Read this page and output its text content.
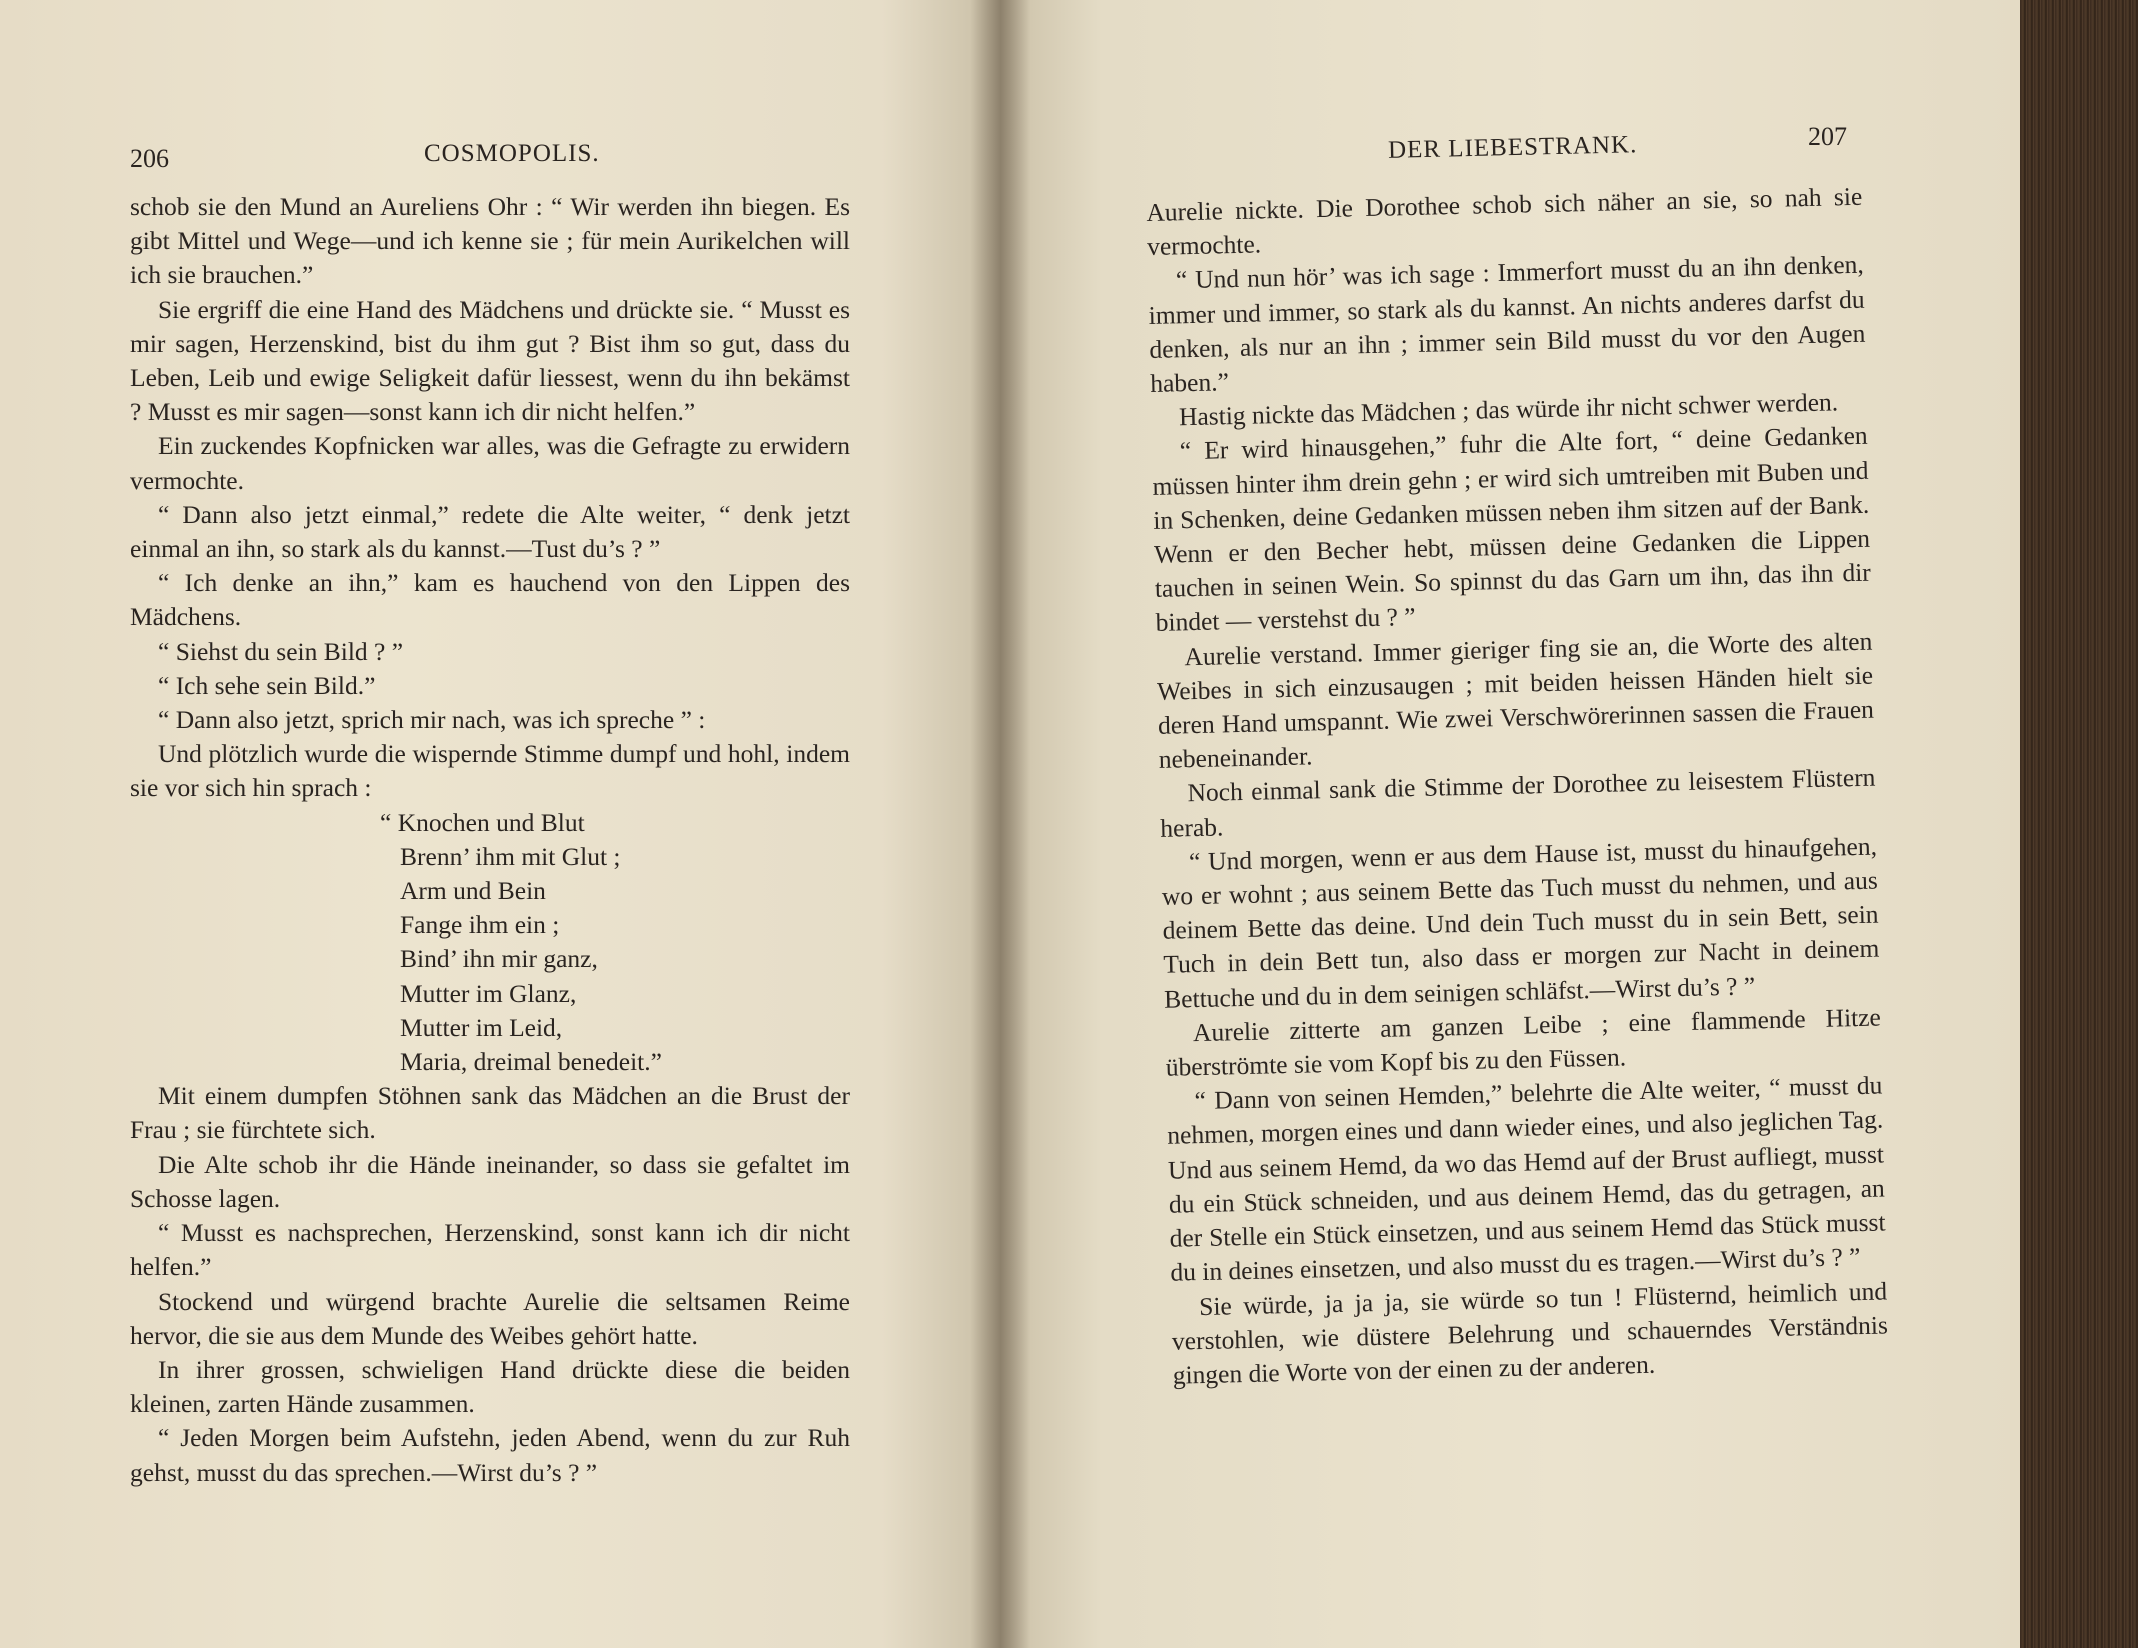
206	COSMOPOLIS.

schob sie den Mund an Aureliens Ohr : “ Wir werden ihn biegen. Es gibt Mittel und Wege—und ich kenne sie ; für mein Aurikelchen will ich sie brauchen.”

Sie ergriff die eine Hand des Mädchens und drückte sie. “ Musst es mir sagen, Herzenskind, bist du ihm gut ? Bist ihm so gut, dass du Leben, Leib und ewige Seligkeit dafür liessest, wenn du ihn bekämst ? Musst es mir sagen—sonst kann ich dir nicht helfen.”

Ein zuckendes Kopfnicken war alles, was die Gefragte zu erwidern vermochte.

“ Dann also jetzt einmal,” redete die Alte weiter, “ denk jetzt einmal an ihn, so stark als du kannst.—Tust du’s ? ”

“ Ich denke an ihn,” kam es hauchend von den Lippen des Mädchens.

“ Siehst du sein Bild ? ”

“ Ich sehe sein Bild.”

“ Dann also jetzt, sprich mir nach, was ich spreche ” :

Und plötzlich wurde die wispernde Stimme dumpf und hohl, indem sie vor sich hin sprach :

“ Knochen und Blut
Brenn’ ihm mit Glut ;
Arm und Bein
Fange ihm ein ;
Bind’ ihn mir ganz,
Mutter im Glanz,
Mutter im Leid,
Maria, dreimal benedeit.”

Mit einem dumpfen Stöhnen sank das Mädchen an die Brust der Frau ; sie fürchtete sich.

Die Alte schob ihr die Hände ineinander, so dass sie gefaltet im Schosse lagen.

“ Musst es nachsprechen, Herzenskind, sonst kann ich dir nicht helfen.”

Stockend und würgend brachte Aurelie die seltsamen Reime hervor, die sie aus dem Munde des Weibes gehört hatte.

In ihrer grossen, schwieligen Hand drückte diese die beiden kleinen, zarten Hände zusammen.

“ Jeden Morgen beim Aufstehn, jeden Abend, wenn du zur Ruh gehst, musst du das sprechen.—Wirst du’s ? ”

DER LIEBESTRANK.	207

Aurelie nickte. Die Dorothee schob sich näher an sie, so nah sie vermochte.

“ Und nun hör’ was ich sage : Immerfort musst du an ihn denken, immer und immer, so stark als du kannst. An nichts anderes darfst du denken, als nur an ihn ; immer sein Bild musst du vor den Augen haben.”

Hastig nickte das Mädchen ; das würde ihr nicht schwer werden.

“ Er wird hinausgehen,” fuhr die Alte fort, “ deine Gedanken müssen hinter ihm drein gehn ; er wird sich umtreiben mit Buben und in Schenken, deine Gedanken müssen neben ihm sitzen auf der Bank. Wenn er den Becher hebt, müssen deine Gedanken die Lippen tauchen in seinen Wein. So spinnst du das Garn um ihn, das ihn dir bindet — verstehst du ? ”

Aurelie verstand. Immer gieriger fing sie an, die Worte des alten Weibes in sich einzusaugen ; mit beiden heissen Händen hielt sie deren Hand umspannt. Wie zwei Verschwörerinnen sassen die Frauen nebeneinander.

Noch einmal sank die Stimme der Dorothee zu leisestem Flüstern herab.

“ Und morgen, wenn er aus dem Hause ist, musst du hinaufgehen, wo er wohnt ; aus seinem Bette das Tuch musst du nehmen, und aus deinem Bette das deine. Und dein Tuch musst du in sein Bett, sein Tuch in dein Bett tun, also dass er morgen zur Nacht in deinem Bettuche und du in dem seinigen schläfst.—Wirst du’s ? ”

Aurelie zitterte am ganzen Leibe ; eine flammende Hitze überströmte sie vom Kopf bis zu den Füssen.

“ Dann von seinen Hemden,” belehrte die Alte weiter, “ musst du nehmen, morgen eines und dann wieder eines, und also jeglichen Tag. Und aus seinem Hemd, da wo das Hemd auf der Brust aufliegt, musst du ein Stück schneiden, und aus deinem Hemd, das du getragen, an der Stelle ein Stück einsetzen, und aus seinem Hemd das Stück musst du in deines einsetzen, und also musst du es tragen.—Wirst du’s ? ”

Sie würde, ja ja ja, sie würde so tun ! Flüsternd, heimlich und verstohlen, wie düstere Belehrung und schauerndes Verständnis gingen die Worte von der einen zu der anderen.
